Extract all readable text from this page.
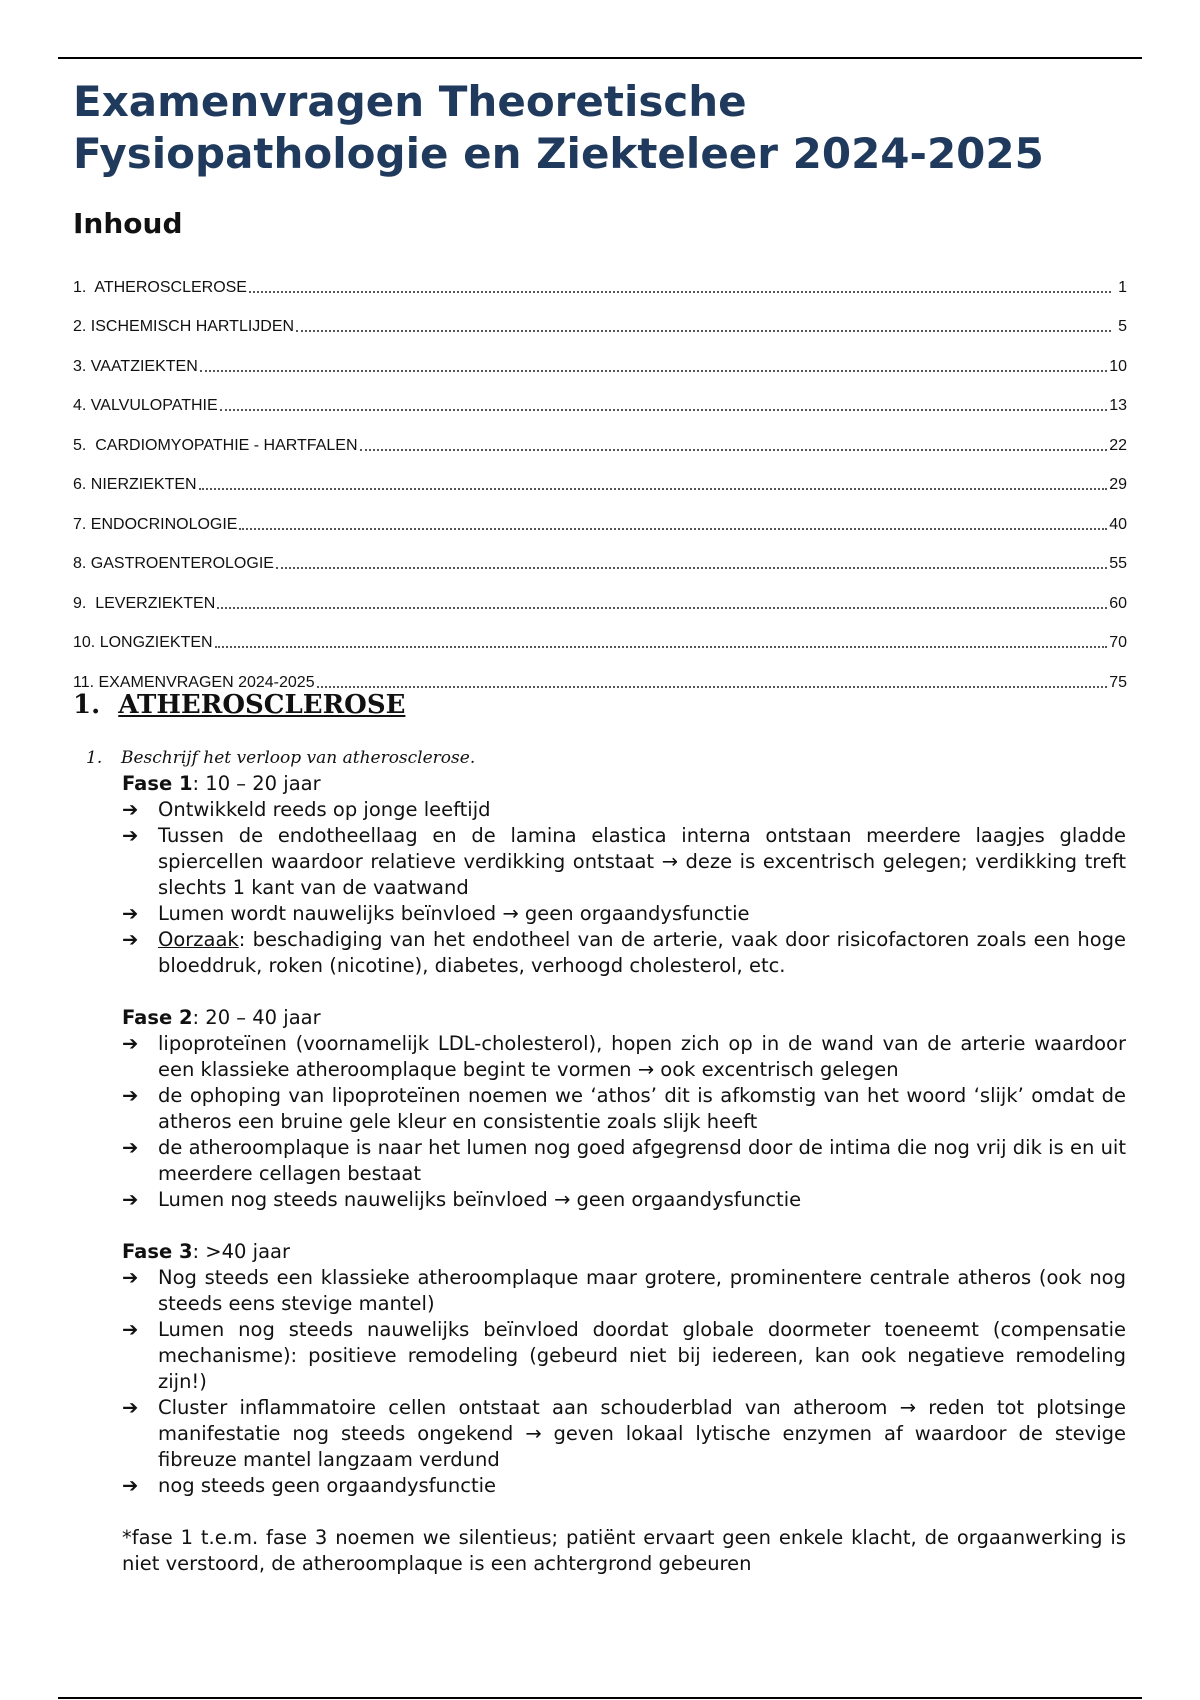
Examenvragen Theoretische
Fysiopathologie en Ziekteleer 2024-2025
Inhoud
1.  ATHEROSCLEROSE	1
2. ISCHEMISCH HARTLIJDEN	5
3. VAATZIEKTEN	10
4. VALVULOPATHIE	13
5.  CARDIOMYOPATHIE - HARTFALEN	22
6. NIERZIEKTEN	29
7. ENDOCRINOLOGIE	40
8. GASTROENTEROLOGIE	55
9.  LEVERZIEKTEN	60
10. LONGZIEKTEN	70
11. EXAMENVRAGEN 2024-2025	75
1. ATHEROSCLEROSE
1. Beschrijf het verloop van atherosclerose.

Fase 1: 10 – 20 jaar

➔ Ontwikkeld reeds op jonge leeftijd
➔ Tussen de endotheellaag en de lamina elastica interna ontstaan meerdere laagjes gladde spiercellen waardoor relatieve verdikking ontstaat → deze is excentrisch gelegen; verdikking treft slechts 1 kant van de vaatwand
➔ Lumen wordt nauwelijks beïnvloed → geen orgaandysfunctie
➔ Oorzaak: beschadiging van het endotheel van de arterie, vaak door risicofactoren zoals een hoge bloeddruk, roken (nicotine), diabetes, verhoogd cholesterol, etc.

Fase 2: 20 – 40 jaar

➔ lipoproteïnen (voornamelijk LDL-cholesterol), hopen zich op in de wand van de arterie waardoor een klassieke atheroomplaque begint te vormen → ook excentrisch gelegen
➔ de ophoping van lipoproteïnen noemen we ‘athos’ dit is afkomstig van het woord ‘slijk’ omdat de atheros een bruine gele kleur en consistentie zoals slijk heeft
➔ de atheroomplaque is naar het lumen nog goed afgegrensd door de intima die nog vrij dik is en uit meerdere cellagen bestaat
➔ Lumen nog steeds nauwelijks beïnvloed → geen orgaandysfunctie

Fase 3: >40 jaar

➔ Nog steeds een klassieke atheroomplaque maar grotere, prominentere centrale atheros (ook nog steeds eens stevige mantel)
➔ Lumen nog steeds nauwelijks beïnvloed doordat globale doormeter toeneemt (compensatie mechanisme): positieve remodeling (gebeurd niet bij iedereen, kan ook negatieve remodeling zijn!)
➔ Cluster inflammatoire cellen ontstaat aan schouderblad van atheroom → reden tot plotsinge manifestatie nog steeds ongekend → geven lokaal lytische enzymen af waardoor de stevige fibreuze mantel langzaam verdund
➔ nog steeds geen orgaandysfunctie

*fase 1 t.e.m. fase 3 noemen we silentieus; patiënt ervaart geen enkele klacht, de orgaanwerking is niet verstoord, de atheroomplaque is een achtergrond gebeuren
